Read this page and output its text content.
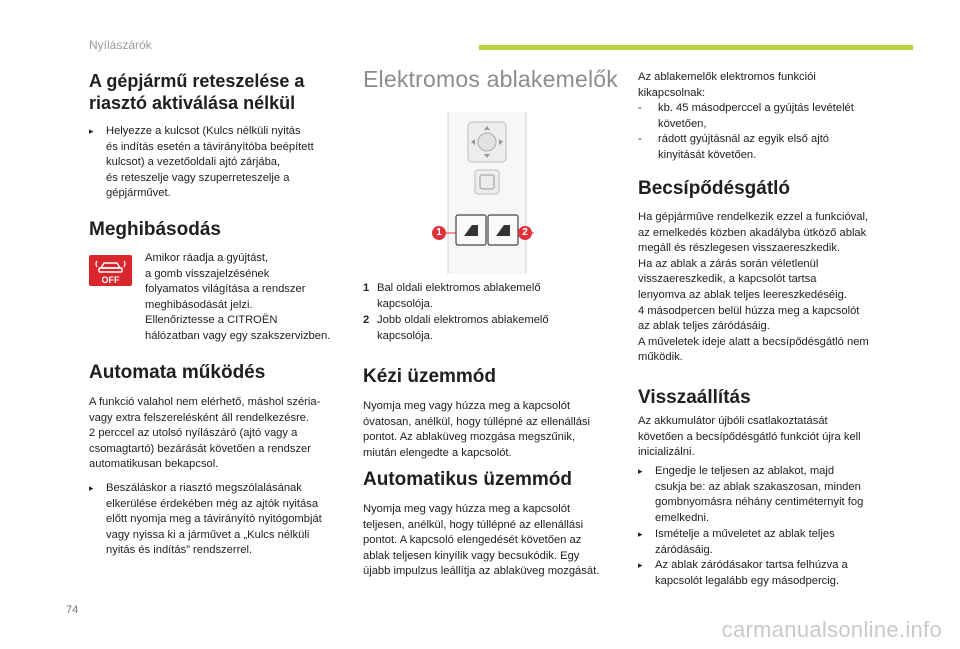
Nyílászárók
A gépjármű reteszelése a
riasztó aktiválása nélkül
▸ Helyezze a kulcsot (Kulcs nélküli nyitás
és indítás esetén a távirányítóba beépített
kulcsot) a vezetőoldali ajtó zárjába,
és reteszelje vagy szuperreteszelje a
gépjárművet.
Meghibásodás
OFF
Amikor ráadja a gyújtást,
a gomb visszajelzésének
folyamatos világítása a rendszer
meghibásodását jelzi.
Ellenőriztesse a CITROËN
hálózatban vagy egy szakszervizben.
Automata működés
A funkció valahol nem elérhető, máshol széria-
vagy extra felszerelésként áll rendelkezésre.
2 perccel az utolsó nyílászáró (ajtó vagy a
csomagtartó) bezárását követően a rendszer
automatikusan bekapcsol.
▸ Beszáláskor a riasztó megszólalásának
elkerülése érdekében még az ajtók nyitása
előtt nyomja meg a távirányító nyitógombját
vagy nyissa ki a járművet a „Kulcs nélküli
nyitás és indítás” rendszerrel.
Elektromos ablakemelők
1	2
1 Bal oldali elektromos ablakemelő
kapcsolója.
2 Jobb oldali elektromos ablakemelő
kapcsolója.
Kézi üzemmód
Nyomja meg vagy húzza meg a kapcsolót
óvatosan, anélkül, hogy túllépné az ellenállási
pontot. Az ablaküveg mozgása megszűnik,
miután elengedte a kapcsolót.
Automatikus üzemmód
Nyomja meg vagy húzza meg a kapcsolót
teljesen, anélkül, hogy túllépné az ellenállási
pontot. A kapcsoló elengedését követően az
ablak teljesen kinyílik vagy becsukódik. Egy
újabb impulzus leállítja az ablaküveg mozgását.
Az ablakemelők elektromos funkciói
kikapcsolnak:
- kb. 45 másodperccel a gyújtás levételét
követően,
- rádott gyújtásnál az egyik első ajtó
kinyitását követően.
Becsípődésgátló
Ha gépjárműve rendelkezik ezzel a funkcióval,
az emelkedés közben akadályba ütköző ablak
megáll és részlegesen visszaereszkedik.
Ha az ablak a zárás során véletlenül
visszaereszkedik, a kapcsolót tartsa
lenyomva az ablak teljes leereszkedéséig.
4 másodpercen belül húzza meg a kapcsolót
az ablak teljes záródásáig.
A műveletek ideje alatt a becsípődésgátló nem
működik.
Visszaállítás
Az akkumulátor újbóli csatlakoztatását
követően a becsípődésgátló funkciót újra kell
inicializálni.
▸ Engedje le teljesen az ablakot, majd
csukja be: az ablak szakaszosan, minden
gombnyomásra néhány centiméternyit fog
emelkedni.
▸ Ismételje a műveletet az ablak teljes
záródásáig.
▸ Az ablak záródásakor tartsa felhúzva a
kapcsolót legalább egy másodpercig.
74
carmanualsonline.info
